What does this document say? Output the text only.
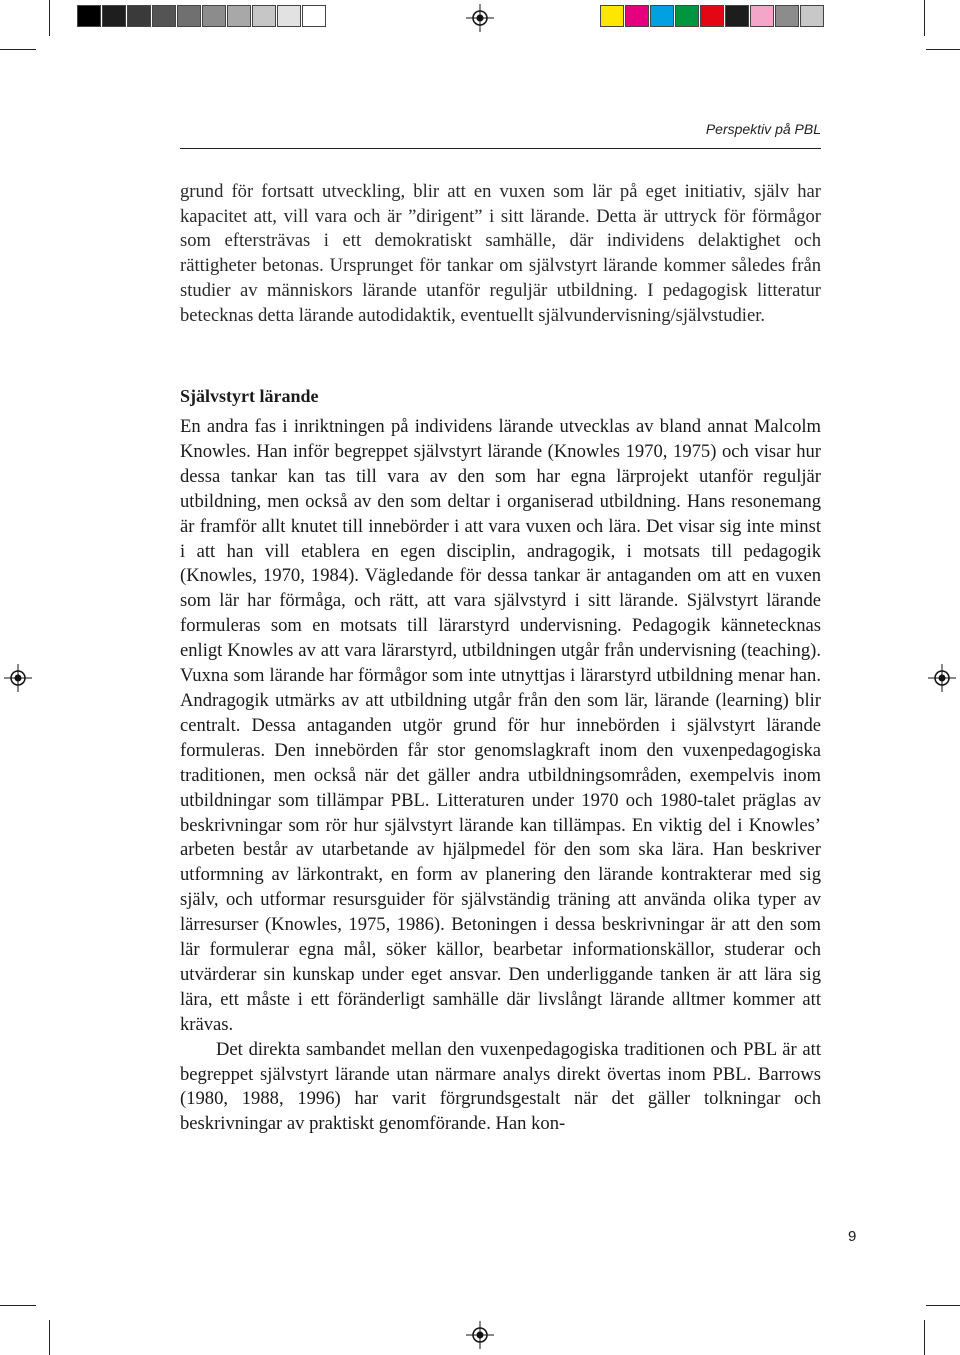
Perspektiv på PBL

grund för fortsatt utveckling, blir att en vuxen som lär på eget initiativ, själv har kapacitet att, vill vara och är ”dirigent” i sitt lärande. Detta är uttryck för förmågor som eftersträvas i ett demokratiskt samhälle, där individens delaktighet och rättigheter betonas. Ursprunget för tankar om självstyrt lärande kommer således från studier av människors lärande utanför reguljär utbildning. I pedagogisk litteratur betecknas detta lärande autodidaktik, eventuellt självundervisning/självstudier.

Självstyrt lärande

En andra fas i inriktningen på individens lärande utvecklas av bland annat Malcolm Knowles. Han inför begreppet självstyrt lärande (Knowles 1970, 1975) och visar hur dessa tankar kan tas till vara av den som har egna lärprojekt utanför reguljär utbildning, men också av den som deltar i organiserad utbildning. Hans resonemang är framför allt knutet till innebörder i att vara vuxen och lära. Det visar sig inte minst i att han vill etablera en egen disciplin, andragogik, i motsats till pedagogik (Knowles, 1970, 1984). Vägledande för dessa tankar är antaganden om att en vuxen som lär har förmåga, och rätt, att vara självstyrd i sitt lärande. Självstyrt lärande formuleras som en motsats till lärarstyrd undervisning. Pedagogik kännetecknas enligt Knowles av att vara lärarstyrd, utbildningen utgår från undervisning (teaching). Vuxna som lärande har förmågor som inte utnyttjas i lärarstyrd utbildning menar han. Andragogik utmärks av att utbildning utgår från den som lär, lärande (learning) blir centralt. Dessa antaganden utgör grund för hur innebörden i självstyrt lärande formuleras. Den innebörden får stor genomslagkraft inom den vuxenpedagogiska traditionen, men också när det gäller andra utbildningsområden, exempelvis inom utbildningar som tillämpar PBL. Litteraturen under 1970 och 1980-talet präglas av beskrivningar som rör hur självstyrt lärande kan tillämpas. En viktig del i Knowles’ arbeten består av utarbetande av hjälpmedel för den som ska lära. Han beskriver utformning av lärkontrakt, en form av planering den lärande kontrakterar med sig själv, och utformar resursguider för självständig träning att använda olika typer av lärresurser (Knowles, 1975, 1986). Betoningen i dessa beskrivningar är att den som lär formulerar egna mål, söker källor, bearbetar informationskällor, studerar och utvärderar sin kunskap under eget ansvar. Den underliggande tanken är att lära sig lära, ett måste i ett föränderligt samhälle där livslångt lärande alltmer kommer att krävas.

Det direkta sambandet mellan den vuxenpedagogiska traditionen och PBL är att begreppet självstyrt lärande utan närmare analys direkt övertas inom PBL. Barrows (1980, 1988, 1996) har varit förgrundsgestalt när det gäller tolkningar och beskrivningar av praktiskt genomförande. Han kon-

9
